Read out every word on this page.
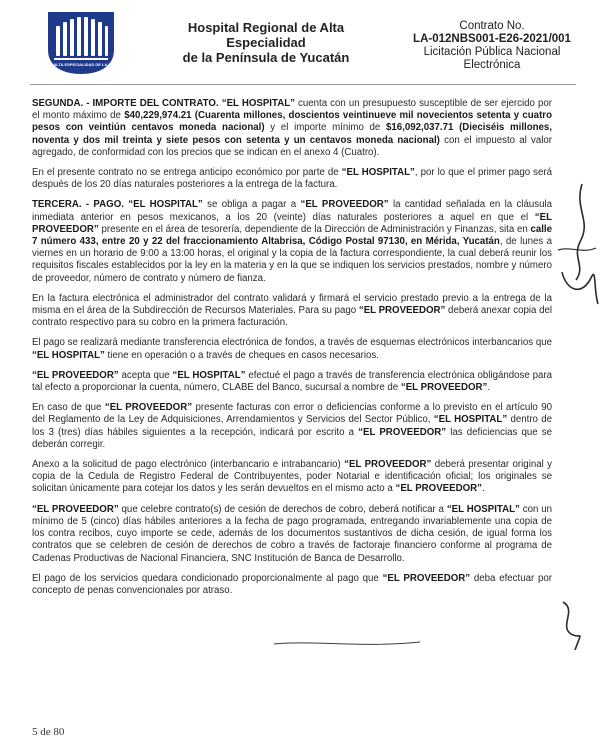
HOSPITAL REGIONAL DE ALTA ESPECIALIDAD DE LA PENÍNSULA DE YUCATÁN
Hospital Regional de Alta Especialidad
de la Península de Yucatán
Contrato No.
LA-012NBS001-E26-2021/001
Licitación Pública Nacional
Electrónica

SEGUNDA. - IMPORTE DEL CONTRATO. “EL HOSPITAL” cuenta con un presupuesto susceptible de ser ejercido por el monto máximo de $40,229,974.21 (Cuarenta millones, doscientos veintinueve mil novecientos setenta y cuatro pesos con veintiún centavos moneda nacional) y el importe mínimo de $16,092,037.71 (Dieciséis millones, noventa y dos mil treinta y siete pesos con setenta y un centavos moneda nacional) con el impuesto al valor agregado, de conformidad con los precios que se indican en el anexo 4 (Cuatro).

En el presente contrato no se entrega anticipo económico por parte de “EL HOSPITAL”, por lo que el primer pago será después de los 20 días naturales posteriores a la entrega de la factura.

TERCERA. - PAGO. “EL HOSPITAL” se obliga a pagar a “EL PROVEEDOR” la cantidad señalada en la cláusula inmediata anterior en pesos mexicanos, a los 20 (veinte) días naturales posteriores a aquel en que el “EL PROVEEDOR” presente en el área de tesorería, dependiente de la Dirección de Administración y Finanzas, sita en calle 7 número 433, entre 20 y 22 del fraccionamiento Altabrisa, Código Postal 97130, en Mérida, Yucatán, de lunes a viernes en un horario de 9:00 a 13:00 horas, el original y la copia de la factura correspondiente, la cual deberá reunir los requisitos fiscales establecidos por la ley en la materia y en la que se indiquen los servicios prestados, nombre y número de proveedor, número de contrato y número de fianza.

En la factura electrónica el administrador del contrato validará y firmará el servicio prestado previo a la entrega de la misma en el área de la Subdirección de Recursos Materiales. Para su pago “EL PROVEEDOR” deberá anexar copia del contrato respectivo para su cobro en la primera facturación.

El pago se realizará mediante transferencia electrónica de fondos, a través de esquemas electrónicos interbancarios que “EL HOSPITAL” tiene en operación o a través de cheques en casos necesarios.

“EL PROVEEDOR” acepta que “EL HOSPITAL” efectué el pago a través de transferencia electrónica obligándose para tal efecto a proporcionar la cuenta, número, CLABE del Banco, sucursal a nombre de “EL PROVEEDOR”.

En caso de que “EL PROVEEDOR” presente facturas con error o deficiencias conforme a lo previsto en el artículo 90 del Reglamento de la Ley de Adquisiciones, Arrendamientos y Servicios del Sector Público, “EL HOSPITAL” dentro de los 3 (tres) días hábiles siguientes a la recepción, indicará por escrito a “EL PROVEEDOR” las deficiencias que se deberán corregir.

Anexo a la solicitud de pago electrónico (interbancario e intrabancario) “EL PROVEEDOR” deberá presentar original y copia de la Cedula de Registro Federal de Contribuyentes, poder Notarial e identificación oficial; los originales se solicitan únicamente para cotejar los datos y les serán devueltos en el mismo acto a “EL PROVEEDOR”.

“EL PROVEEDOR” que celebre contrato(s) de cesión de derechos de cobro, deberá notificar a “EL HOSPITAL” con un mínimo de 5 (cinco) días hábiles anteriores a la fecha de pago programada, entregando invariablemente una copia de los contra recibos, cuyo importe se cede, además de los documentos sustantivos de dicha cesión, de igual forma los contratos que se celebren de cesión de derechos de cobro a través de factoraje financiero conforme al programa de Cadenas Productivas de Nacional Financiera, SNC Institución de Banca de Desarrollo.

El pago de los servicios quedara condicionado proporcionalmente al pago que “EL PROVEEDOR” deba efectuar por concepto de penas convencionales por atraso.

5 de 80
